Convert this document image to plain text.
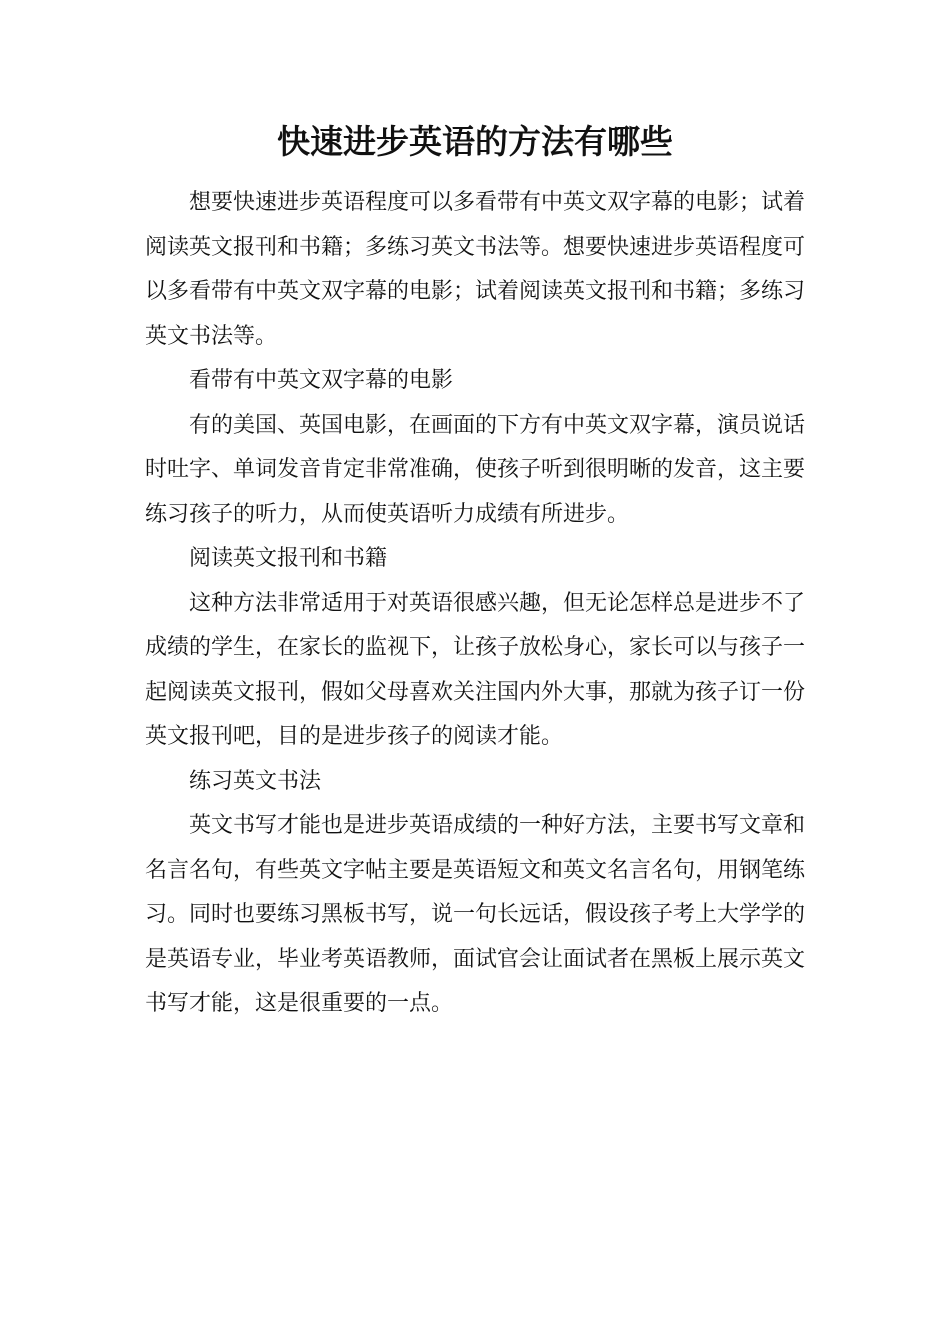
快速进步英语的方法有哪些

想要快速进步英语程度可以多看带有中英文双字幕的电影；试着阅读英文报刊和书籍；多练习英文书法等。想要快速进步英语程度可以多看带有中英文双字幕的电影；试着阅读英文报刊和书籍；多练习英文书法等。

看带有中英文双字幕的电影

有的美国、英国电影，在画面的下方有中英文双字幕，演员说话时吐字、单词发音肯定非常准确，使孩子听到很明晰的发音，这主要练习孩子的听力，从而使英语听力成绩有所进步。

阅读英文报刊和书籍

这种方法非常适用于对英语很感兴趣，但无论怎样总是进步不了成绩的学生，在家长的监视下，让孩子放松身心，家长可以与孩子一起阅读英文报刊，假如父母喜欢关注国内外大事，那就为孩子订一份英文报刊吧，目的是进步孩子的阅读才能。

练习英文书法

英文书写才能也是进步英语成绩的一种好方法，主要书写文章和名言名句，有些英文字帖主要是英语短文和英文名言名句，用钢笔练习。同时也要练习黑板书写，说一句长远话，假设孩子考上大学学的是英语专业，毕业考英语教师，面试官会让面试者在黑板上展示英文书写才能，这是很重要的一点。
